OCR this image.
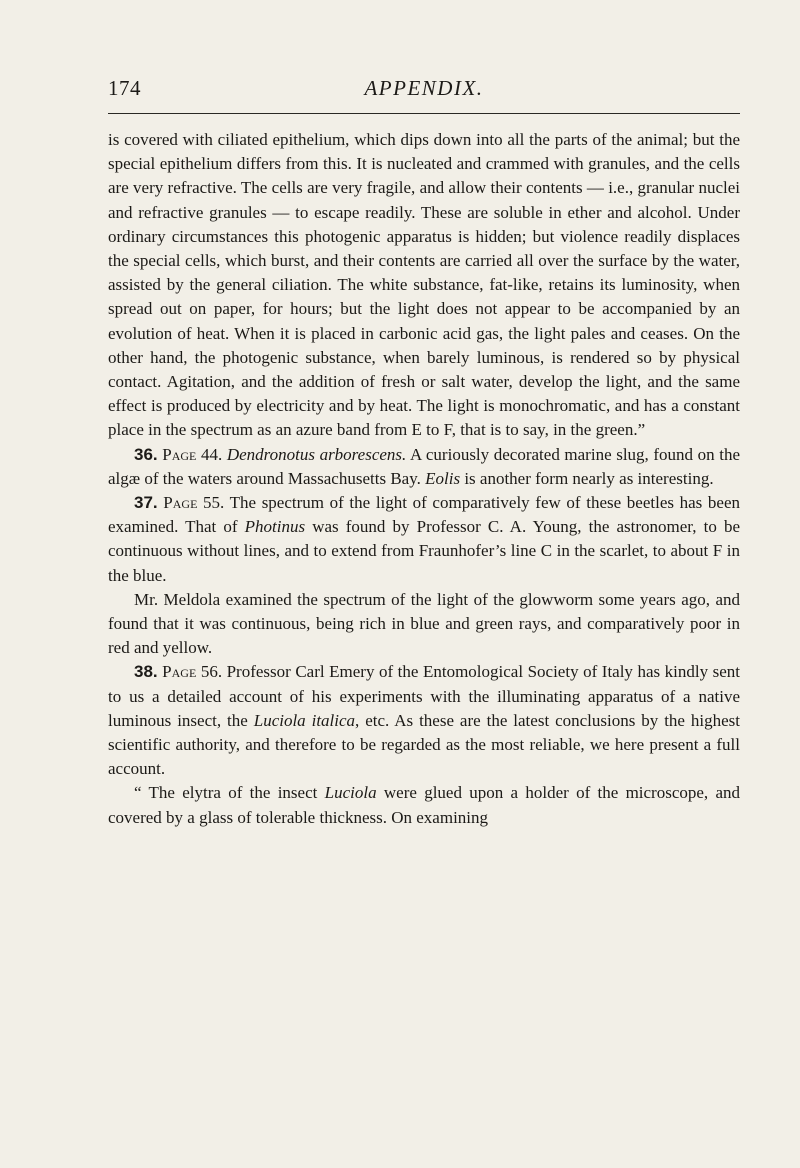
174	APPENDIX.

is covered with ciliated epithelium, which dips down into all the parts of the animal; but the special epithelium differs from this. It is nucleated and crammed with granules, and the cells are very refractive. The cells are very fragile, and allow their contents — i.e., granular nuclei and refractive granules — to escape readily. These are soluble in ether and alcohol. Under ordinary circumstances this photogenic apparatus is hidden; but violence readily displaces the special cells, which burst, and their contents are carried all over the surface by the water, assisted by the general ciliation. The white substance, fat-like, retains its luminosity, when spread out on paper, for hours; but the light does not appear to be accompanied by an evolution of heat. When it is placed in carbonic acid gas, the light pales and ceases. On the other hand, the photogenic substance, when barely luminous, is rendered so by physical contact. Agitation, and the addition of fresh or salt water, develop the light, and the same effect is produced by electricity and by heat. The light is monochromatic, and has a constant place in the spectrum as an azure band from E to F, that is to say, in the green.”

36. Page 44. Dendronotus arborescens. A curiously decorated marine slug, found on the algæ of the waters around Massachusetts Bay. Eolis is another form nearly as interesting.

37. Page 55. The spectrum of the light of comparatively few of these beetles has been examined. That of Photinus was found by Professor C. A. Young, the astronomer, to be continuous without lines, and to extend from Fraunhofer’s line C in the scarlet, to about F in the blue.

Mr. Meldola examined the spectrum of the light of the glowworm some years ago, and found that it was continuous, being rich in blue and green rays, and comparatively poor in red and yellow.

38. Page 56. Professor Carl Emery of the Entomological Society of Italy has kindly sent to us a detailed account of his experiments with the illuminating apparatus of a native luminous insect, the Luciola italica, etc. As these are the latest conclusions by the highest scientific authority, and therefore to be regarded as the most reliable, we here present a full account.

“ The elytra of the insect Luciola were glued upon a holder of the microscope, and covered by a glass of tolerable thickness. On examining
